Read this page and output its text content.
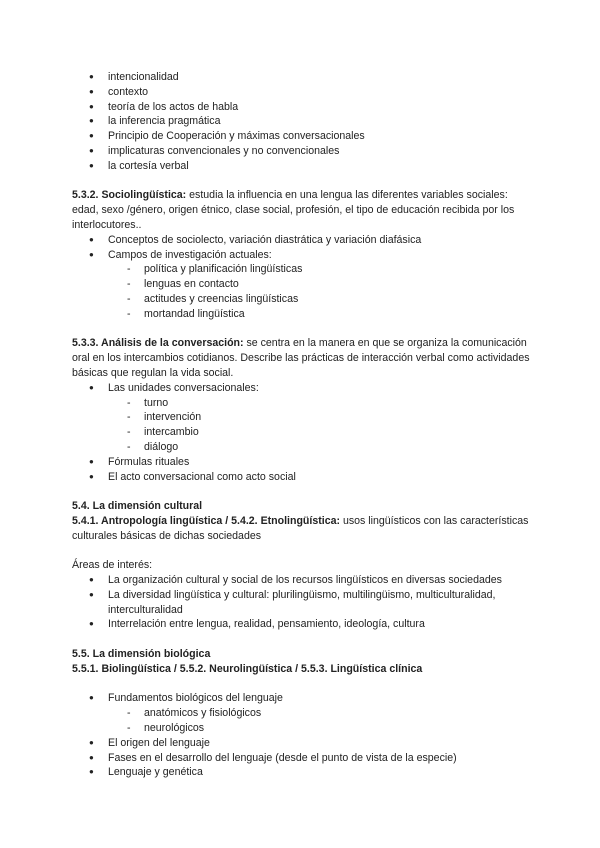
● intencionalidad
● contexto
● teoría de los actos de habla
● la inferencia pragmática
● Principio de Cooperación y máximas conversacionales
● implicaturas convencionales y no convencionales
● la cortesía verbal

5.3.2. Sociolingüística: estudia la influencia en una lengua las diferentes variables sociales: edad, sexo /género, origen étnico, clase social, profesión, el tipo de educación recibida por los interlocutores..

● Conceptos de sociolecto, variación diastrática y variación diafásica
● Campos de investigación actuales:
- política y planificación lingüísticas
- lenguas en contacto
- actitudes y creencias lingüísticas
- mortandad lingüística

5.3.3. Análisis de la conversación: se centra en la manera en que se organiza la comunicación oral en los intercambios cotidianos. Describe las prácticas de interacción verbal como actividades básicas que regulan la vida social.

● Las unidades conversacionales:
- turno
- intervención
- intercambio
- diálogo
● Fórmulas rituales
● El acto conversacional como acto social

5.4. La dimensión cultural

5.4.1. Antropología lingüística / 5.4.2. Etnolingüística: usos lingüísticos con las características culturales básicas de dichas sociedades

Áreas de interés:

● La organización cultural y social de los recursos lingüísticos en diversas sociedades
● La diversidad lingüística y cultural: plurilingüismo, multilingüismo, multiculturalidad, interculturalidad
● Interrelación entre lengua, realidad, pensamiento, ideología, cultura

5.5. La dimensión biológica

5.5.1. Biolingüística / 5.5.2. Neurolingüística / 5.5.3. Lingüística clínica

● Fundamentos biológicos del lenguaje
- anatómicos y fisiológicos
- neurológicos
● El origen del lenguaje
● Fases en el desarrollo del lenguaje (desde el punto de vista de la especie)
● Lenguaje y genética
